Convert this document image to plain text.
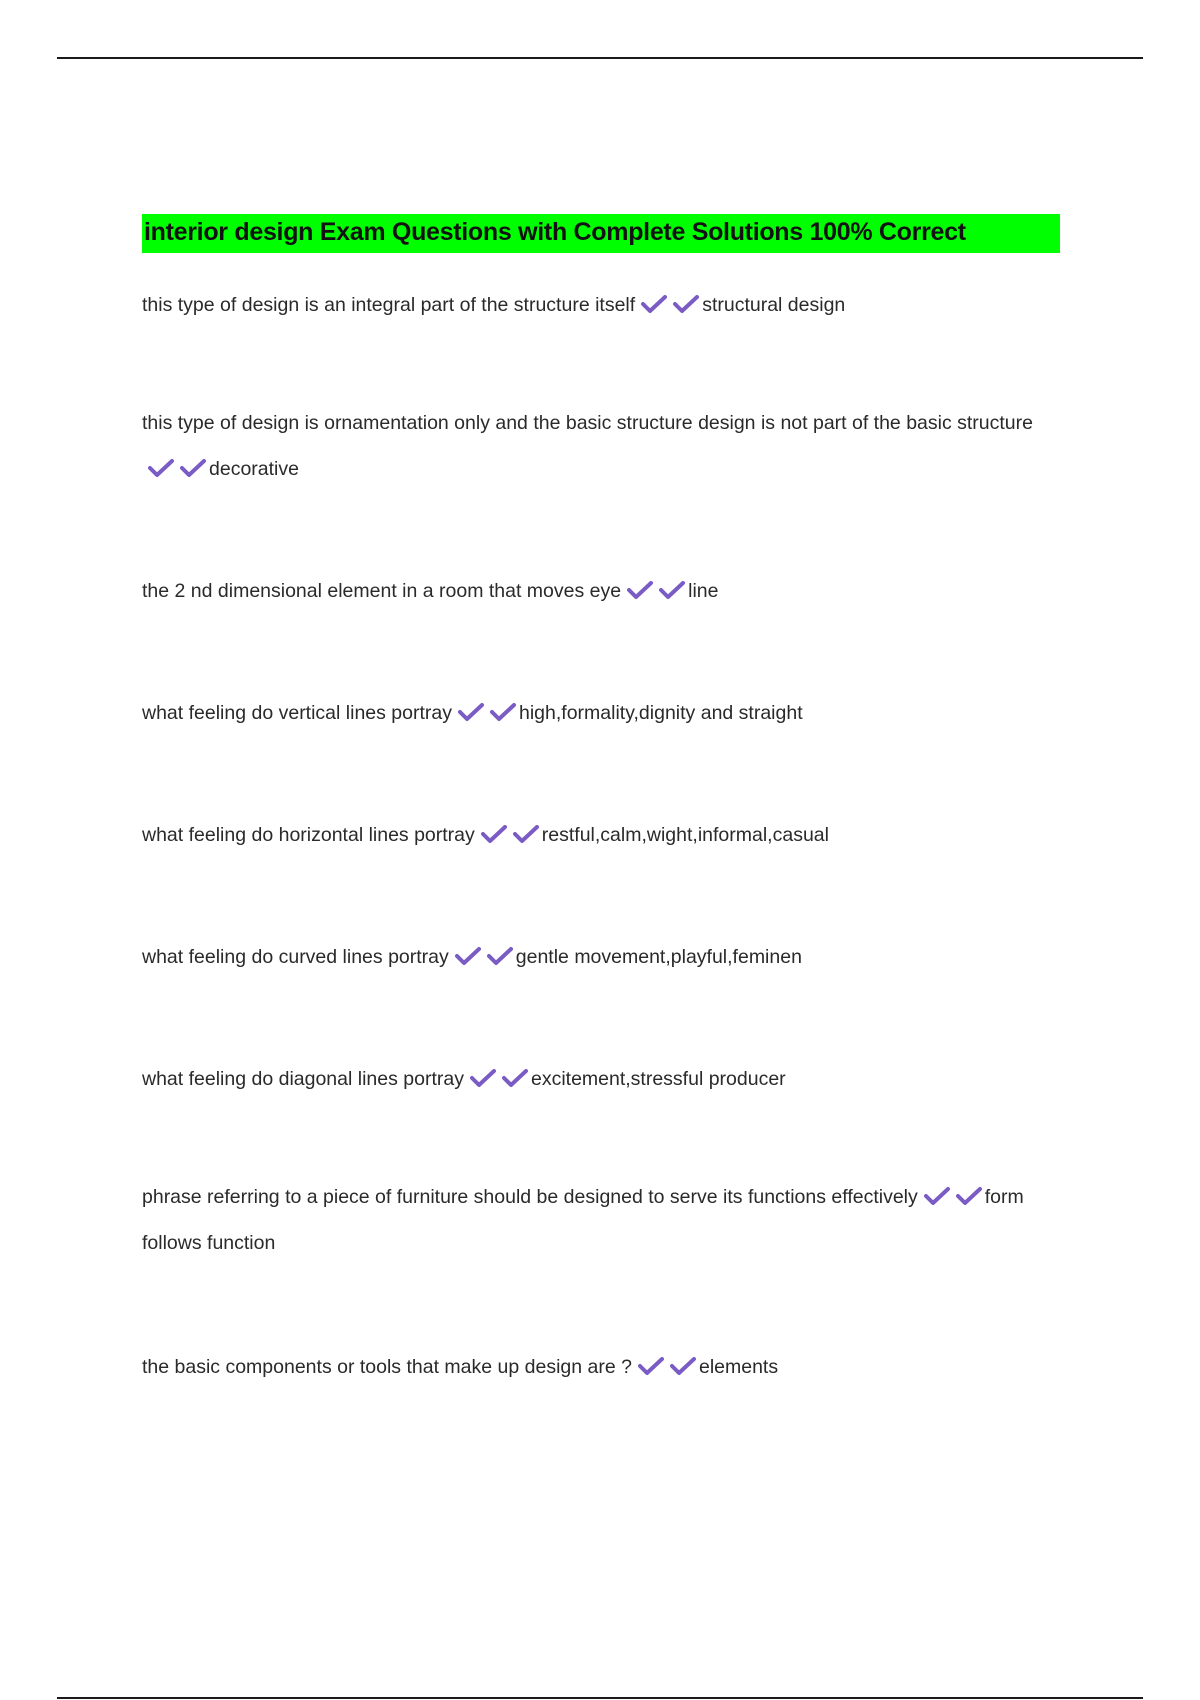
interior design Exam Questions with Complete Solutions 100% Correct

this type of design is an integral part of the structure itself	structural design

this type of design is ornamentation only and the basic structure design is not part of the basic structure
decorative

the 2 nd dimensional element in a room that moves eye	line

what feeling do vertical lines portray	high,formality,dignity and straight

what feeling do horizontal lines portray	restful,calm,wight,informal,casual

what feeling do curved lines portray	gentle movement,playful,feminen

what feeling do diagonal lines portray	excitement,stressful producer

phrase referring to a piece of furniture should be designed to serve its functions effectively	form follows function

the basic components or tools that make up design are ?	elements
